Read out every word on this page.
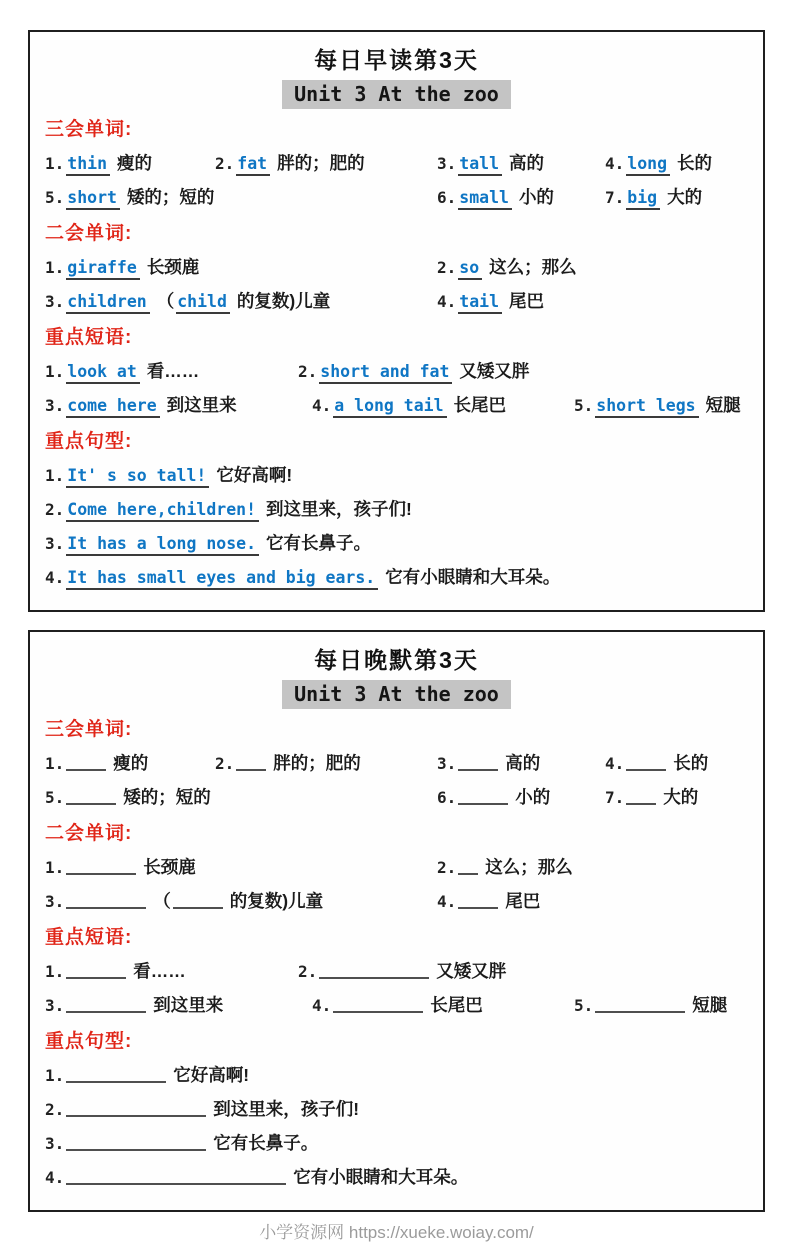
每日早读第3天
Unit 3 At the zoo
三会单词:
1. thin 瘦的	2. fat 胖的；肥的	3. tall 高的	4. long 长的
5. short 矮的；短的	6. small 小的	7. big 大的
二会单词:
1. giraffe 长颈鹿	2. so 这么；那么
3. children （ child 的复数)儿童	4. tail 尾巴
重点短语:
1. look at 看……	2. short and fat 又矮又胖
3. come here 到这里来	4. a long tail 长尾巴	5. short legs 短腿
重点句型:
1. It' s so tall! 它好高啊!
2. Come here,children! 到这里来，孩子们!
3. It has a long nose. 它有长鼻子。
4. It has small eyes and big ears. 它有小眼睛和大耳朵。
每日晚默第3天
Unit 3 At the zoo
三会单词:
1.	瘦的	2. 胖的；肥的	3.	高的	4.	长的
5.	矮的；短的	6.	小的	7. 大的
二会单词:
1.	长颈鹿	2. 这么；那么
3.	（	的复数)儿童	4.	尾巴
重点短语:
1.	看……	2.	又矮又胖
3.	到这里来	4.	长尾巴	5.	短腿
重点句型:
1.	它好高啊!
2.	到这里来，孩子们!
3.	它有长鼻子。
4.	它有小眼睛和大耳朵。
小学资源网 https://xueke.woiay.com/
